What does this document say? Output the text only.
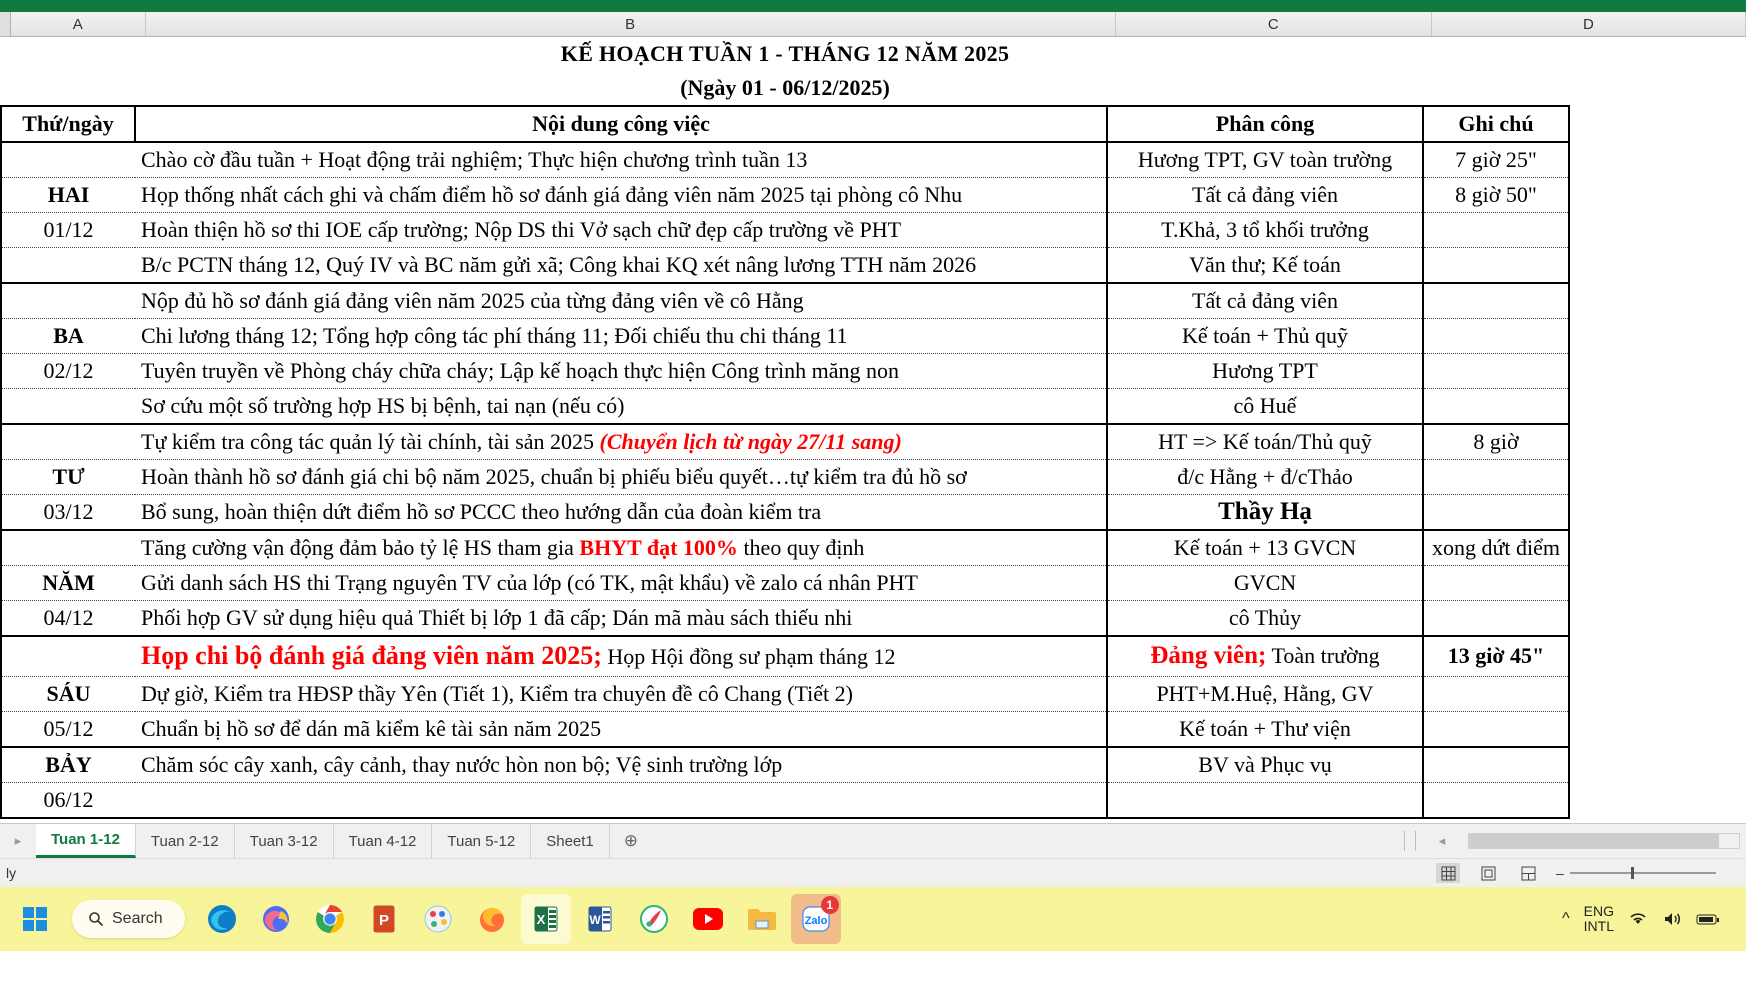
A	B	C	D
KẾ HOẠCH TUẦN 1 - THÁNG 12 NĂM 2025			
(Ngày 01 - 06/12/2025)			
Thứ/ngày	Nội dung công việc	Phân công	Ghi chú
	Chào cờ đầu tuần + Hoạt động trải nghiệm; Thực hiện chương trình tuần 13	Hương TPT, GV toàn trường	7 giờ 25"
HAI	Họp thống nhất cách ghi và chấm điểm hồ sơ đánh giá đảng viên năm 2025 tại phòng cô Nhu	Tất cả đảng viên	8 giờ 50"
01/12	Hoàn thiện hồ sơ thi IOE cấp trường; Nộp DS thi Vở sạch chữ đẹp cấp trường về PHT	T.Khả, 3 tổ khối trưởng	
	B/c PCTN tháng 12, Quý IV và BC năm gửi xã; Công khai KQ xét nâng lương TTH năm 2026	Văn thư; Kế toán	
	Nộp đủ hồ sơ đánh giá đảng viên năm 2025 của từng đảng viên về cô Hằng	Tất cả đảng viên	
BA	Chi lương tháng 12; Tổng hợp công tác phí tháng 11; Đối chiếu thu chi tháng 11	Kế toán + Thủ quỹ	
02/12	Tuyên truyền về Phòng cháy chữa cháy; Lập kế hoạch thực hiện Công trình măng non	Hương TPT	
	Sơ cứu một số trường hợp HS bị bệnh, tai nạn (nếu có)	cô Huế	
	Tự kiểm tra công tác quản lý tài chính, tài sản 2025 (Chuyển lịch từ ngày 27/11 sang)	HT => Kế toán/Thủ quỹ	8 giờ
TƯ	Hoàn thành hồ sơ đánh giá chi bộ năm 2025, chuẩn bị phiếu biểu quyết…tự kiểm tra đủ hồ sơ	đ/c Hằng + đ/cThảo	
03/12	Bổ sung, hoàn thiện dứt điểm hồ sơ PCCC theo hướng dẫn của đoàn kiểm tra	Thầy Hạ	
	Tăng cường vận động đảm bảo tỷ lệ HS tham gia BHYT đạt 100% theo quy định	Kế toán + 13 GVCN	xong dứt điểm
NĂM	Gửi danh sách HS thi Trạng nguyên TV của lớp (có TK, mật khẩu) về zalo cá nhân PHT	GVCN	
04/12	Phối hợp GV sử dụng hiệu quả Thiết bị lớp 1 đã cấp; Dán mã màu sách thiếu nhi	cô Thủy	
	Họp chi bộ đánh giá đảng viên năm 2025; Họp Hội đồng sư phạm tháng 12	Đảng viên; Toàn trường	13 giờ 45"
SÁU	Dự giờ, Kiểm tra HĐSP thầy Yên (Tiết 1), Kiểm tra chuyên đề cô Chang (Tiết 2)	PHT+M.Huệ, Hằng, GV	
05/12	Chuẩn bị hồ sơ để dán mã kiểm kê tài sản năm 2025	Kế toán + Thư viện	
BẢY	Chăm sóc cây xanh, cây cảnh, thay nước hòn non bộ; Vệ sinh trường lớp	BV và Phục vụ	
06/12			
▸	Tuan 1-12	Tuan 2-12	Tuan 3-12	Tuan 4-12	Tuan 5-12	Sheet1	⊕	◂
ly	–
Search	P	X	W	Zalo
1
^ ENG
INTL
